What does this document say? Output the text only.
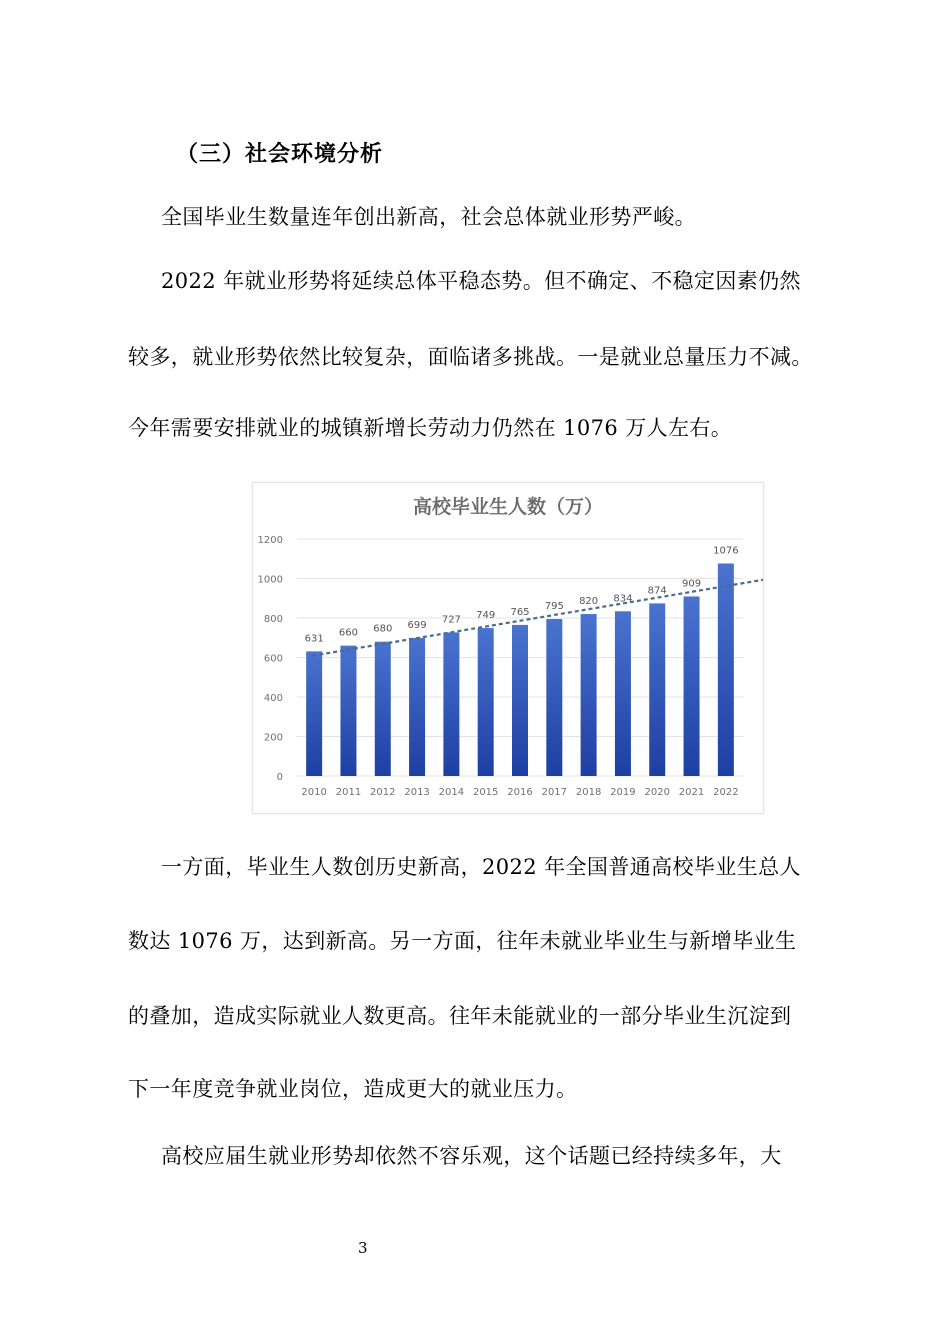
（三）社会环境分析
全国毕业生数量连年创出新高，社会总体就业形势严峻。
2022 年就业形势将延续总体平稳态势。但不确定、不稳定因素仍然
较多，就业形势依然比较复杂，面临诸多挑战。一是就业总量压力不减。
今年需要安排就业的城镇新增长劳动力仍然在 1076 万人左右。
高校毕业生人数（万）
0
200
400
600
800
1000
1200
631
2010
660
2011
680
2012
699
2013
727
2014
749
2015
765
2016
795
2017
820
2018
834
2019
874
2020
909
2021
1076
2022
一方面，毕业生人数创历史新高，2022 年全国普通高校毕业生总人
数达 1076 万，达到新高。另一方面，往年未就业毕业生与新增毕业生
的叠加，造成实际就业人数更高。往年未能就业的一部分毕业生沉淀到
下一年度竞争就业岗位，造成更大的就业压力。
高校应届生就业形势却依然不容乐观，这个话题已经持续多年，大
3
